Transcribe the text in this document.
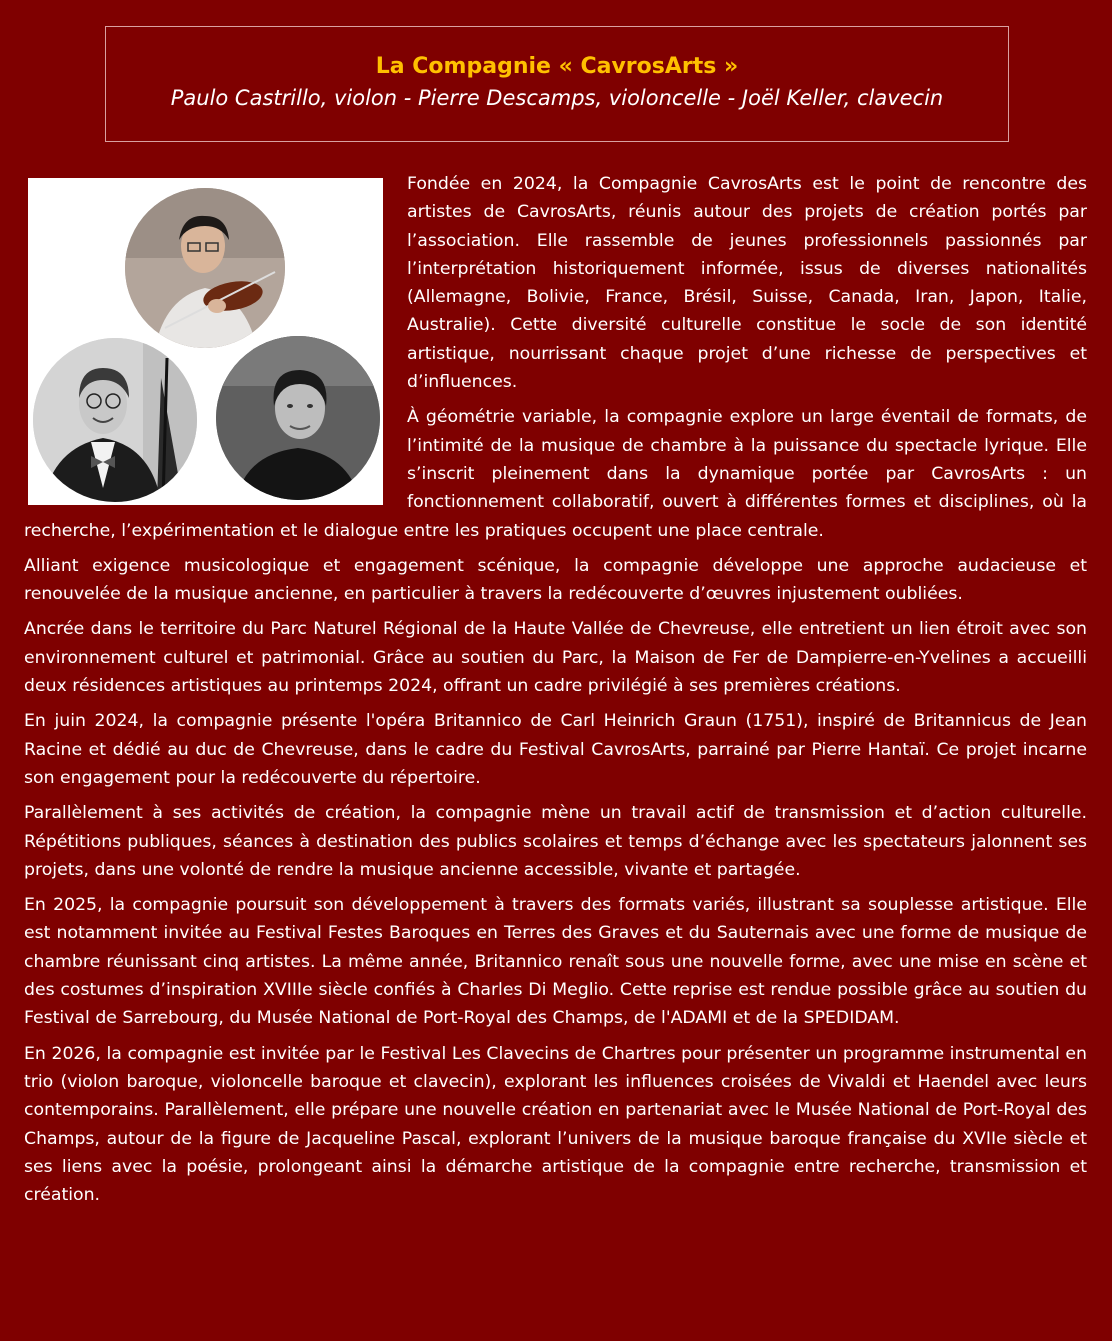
La Compagnie « CavrosArts »
Paulo Castrillo, violon - Pierre Descamps, violoncelle - Joël Keller, clavecin

Fondée en 2024, la Compagnie CavrosArts est le point de rencontre des artistes de CavrosArts, réunis autour des projets de création portés par l’association. Elle rassemble de jeunes professionnels passionnés par l’interprétation historiquement informée, issus de diverses nationalités (Allemagne, Bolivie, France, Brésil, Suisse, Canada, Iran, Japon, Italie, Australie). Cette diversité culturelle constitue le socle de son identité artistique, nourrissant chaque projet d’une richesse de perspectives et d’influences.

À géométrie variable, la compagnie explore un large éventail de formats, de l’intimité de la musique de chambre à la puissance du spectacle lyrique. Elle s’inscrit pleinement dans la dynamique portée par CavrosArts : un fonctionnement collaboratif, ouvert à différentes formes et disciplines, où la recherche, l’expérimentation et le dialogue entre les pratiques occupent une place centrale.

Alliant exigence musicologique et engagement scénique, la compagnie développe une approche audacieuse et renouvelée de la musique ancienne, en particulier à travers la redécouverte d’œuvres injustement oubliées.

Ancrée dans le territoire du Parc Naturel Régional de la Haute Vallée de Chevreuse, elle entretient un lien étroit avec son environnement culturel et patrimonial. Grâce au soutien du Parc, la Maison de Fer de Dampierre-en-Yvelines a accueilli deux résidences artistiques au printemps 2024, offrant un cadre privilégié à ses premières créations.

En juin 2024, la compagnie présente l'opéra Britannico de Carl Heinrich Graun (1751), inspiré de Britannicus de Jean Racine et dédié au duc de Chevreuse, dans le cadre du Festival CavrosArts, parrainé par Pierre Hantaï. Ce projet incarne son engagement pour la redécouverte du répertoire.

Parallèlement à ses activités de création, la compagnie mène un travail actif de transmission et d’action culturelle. Répétitions publiques, séances à destination des publics scolaires et temps d’échange avec les spectateurs jalonnent ses projets, dans une volonté de rendre la musique ancienne accessible, vivante et partagée.

En 2025, la compagnie poursuit son développement à travers des formats variés, illustrant sa souplesse artistique. Elle est notamment invitée au Festival Festes Baroques en Terres des Graves et du Sauternais avec une forme de musique de chambre réunissant cinq artistes. La même année, Britannico renaît sous une nouvelle forme, avec une mise en scène et des costumes d’inspiration XVIIIe siècle confiés à Charles Di Meglio. Cette reprise est rendue possible grâce au soutien du Festival de Sarrebourg, du Musée National de Port-Royal des Champs, de l'ADAMI et de la SPEDIDAM.

En 2026, la compagnie est invitée par le Festival Les Clavecins de Chartres pour présenter un programme instrumental en trio (violon baroque, violoncelle baroque et clavecin), explorant les influences croisées de Vivaldi et Haendel avec leurs contemporains. Parallèlement, elle prépare une nouvelle création en partenariat avec le Musée National de Port-Royal des Champs, autour de la figure de Jacqueline Pascal, explorant l’univers de la musique baroque française du XVIIe siècle et ses liens avec la poésie, prolongeant ainsi la démarche artistique de la compagnie entre recherche, transmission et création.
